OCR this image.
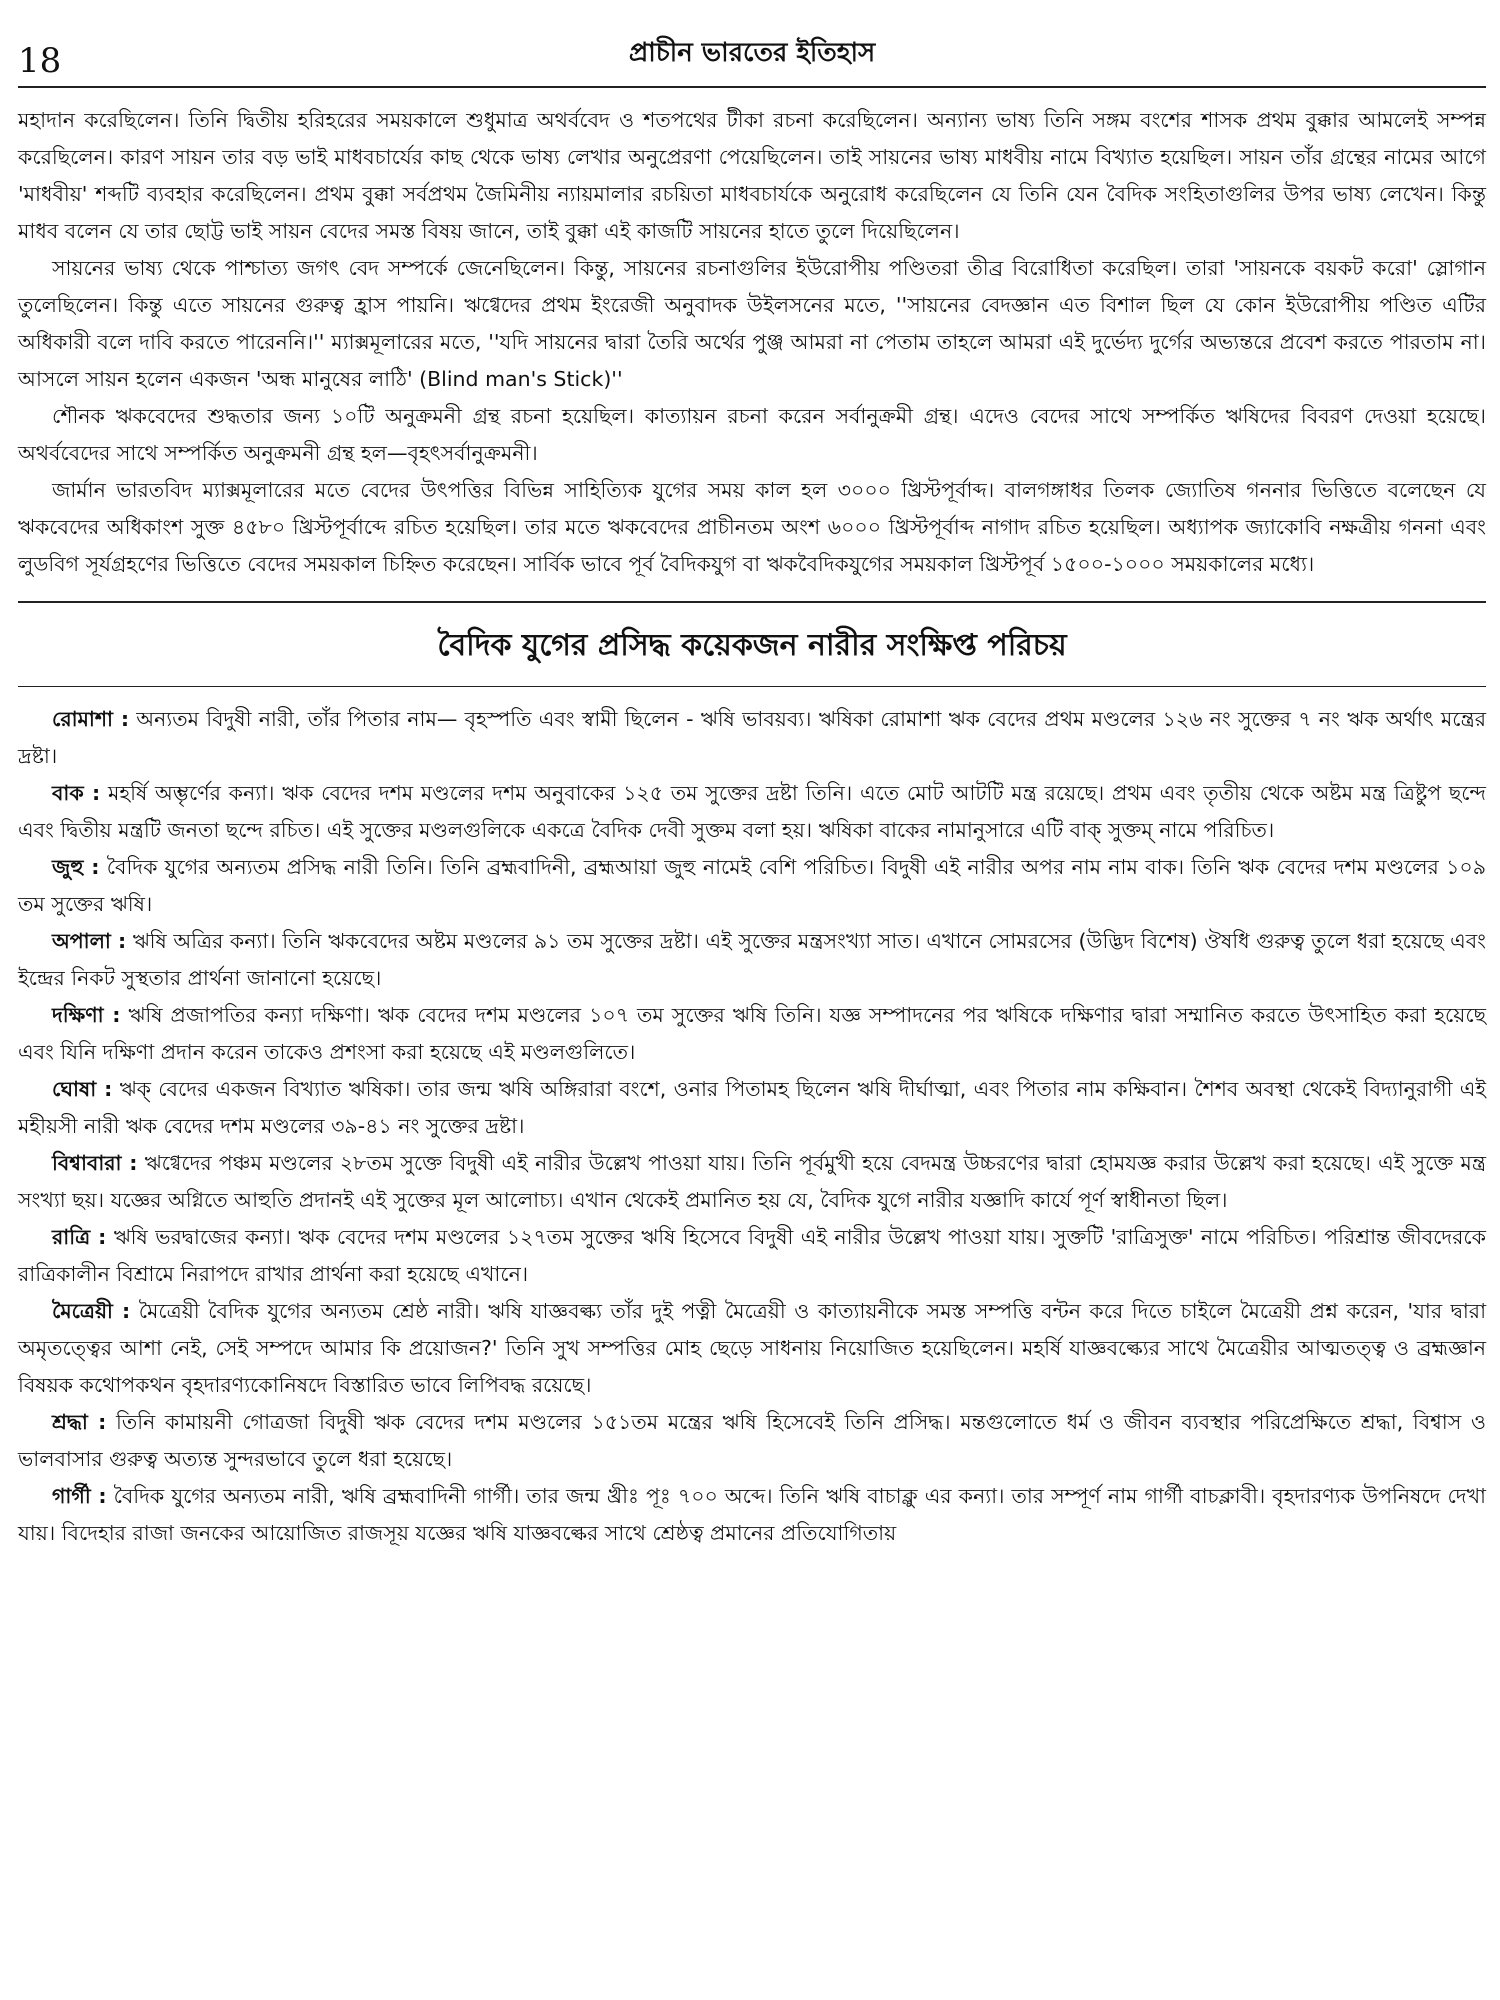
18	প্রাচীন ভারতের ইতিহাস

মহাদান করেছিলেন। তিনি দ্বিতীয় হরিহরের সময়কালে শুধুমাত্র অথর্ববেদ ও শতপথের টীকা রচনা করেছিলেন। অন্যান্য ভাষ্য তিনি সঙ্গম বংশের শাসক প্রথম বুক্কার আমলেই সম্পন্ন করেছিলেন। কারণ সায়ন তার বড় ভাই মাধবচার্যের কাছ থেকে ভাষ্য লেখার অনুপ্রেরণা পেয়েছিলেন। তাই সায়নের ভাষ্য মাধবীয় নামে বিখ্যাত হয়েছিল। সায়ন তাঁর গ্রন্থের নামের আগে 'মাধবীয়' শব্দটি ব্যবহার করেছিলেন। প্রথম বুক্কা সর্বপ্রথম জৈমিনীয় ন্যায়মালার রচয়িতা মাধবচার্যকে অনুরোধ করেছিলেন যে তিনি যেন বৈদিক সংহিতাগুলির উপর ভাষ্য লেখেন। কিন্তু মাধব বলেন যে তার ছোট্ট ভাই সায়ন বেদের সমস্ত বিষয় জানে, তাই বুক্কা এই কাজটি সায়নের হাতে তুলে দিয়েছিলেন।

সায়নের ভাষ্য থেকে পাশ্চাত্য জগৎ বেদ সম্পর্কে জেনেছিলেন। কিন্তু, সায়নের রচনাগুলির ইউরোপীয় পণ্ডিতরা তীব্র বিরোধিতা করেছিল। তারা 'সায়নকে বয়কট করো' স্লোগান তুলেছিলেন। কিন্তু এতে সায়নের গুরুত্ব হ্রাস পায়নি। ঋগ্বেদের প্রথম ইংরেজী অনুবাদক উইলসনের মতে, ''সায়নের বেদজ্ঞান এত বিশাল ছিল যে কোন ইউরোপীয় পণ্ডিত এটির অধিকারী বলে দাবি করতে পারেননি।'' ম্যাক্সমূলারের মতে, ''যদি সায়নের দ্বারা তৈরি অর্থের পুঞ্জ আমরা না পেতাম তাহলে আমরা এই দুর্ভেদ্য দুর্গের অভ্যন্তরে প্রবেশ করতে পারতাম না। আসলে সায়ন হলেন একজন 'অন্ধ মানুষের লাঠি' (Blind man's Stick)''

শৌনক ঋকবেদের শুদ্ধতার জন্য ১০টি অনুক্রমনী গ্রন্থ রচনা হয়েছিল। কাত্যায়ন রচনা করেন সর্বানুক্রমী গ্রন্থ। এদেও বেদের সাথে সম্পর্কিত ঋষিদের বিবরণ দেওয়া হয়েছে। অথর্ববেদের সাথে সম্পর্কিত অনুক্রমনী গ্রন্থ হল—বৃহৎসর্বানুক্রমনী।

জার্মান ভারতবিদ ম্যাক্সমূলারের মতে বেদের উৎপত্তির বিভিন্ন সাহিত্যিক যুগের সময় কাল হল ৩০০০ খ্রিস্টপূর্বাব্দ। বালগঙ্গাধর তিলক জ্যোতিষ গননার ভিত্তিতে বলেছেন যে ঋকবেদের অধিকাংশ সুক্ত ৪৫৮০ খ্রিস্টপূর্বাব্দে রচিত হয়েছিল। তার মতে ঋকবেদের প্রাচীনতম অংশ ৬০০০ খ্রিস্টপূর্বাব্দ নাগাদ রচিত হয়েছিল। অধ্যাপক জ্যাকোবি নক্ষত্রীয় গননা এবং লুডবিগ সূর্যগ্রহণের ভিত্তিতে বেদের সময়কাল চিহ্নিত করেছেন। সার্বিক ভাবে পূর্ব বৈদিকযুগ বা ঋকবৈদিকযুগের সময়কাল খ্রিস্টপূর্ব ১৫০০-১০০০ সময়কালের মধ্যে।

বৈদিক যুগের প্রসিদ্ধ কয়েকজন নারীর সংক্ষিপ্ত পরিচয়

রোমাশা : অন্যতম বিদুষী নারী, তাঁর পিতার নাম— বৃহস্পতি এবং স্বামী ছিলেন - ঋষি ভাবয়ব্য। ঋষিকা রোমাশা ঋক বেদের প্রথম মণ্ডলের ১২৬ নং সুক্তের ৭ নং ঋক অর্থাৎ মন্ত্রের দ্রষ্টা।

বাক : মহর্ষি অম্ভৃর্ণের কন্যা। ঋক বেদের দশম মণ্ডলের দশম অনুবাকের ১২৫ তম সুক্তের দ্রষ্টা তিনি। এতে মোট আটটি মন্ত্র রয়েছে। প্রথম এবং তৃতীয় থেকে অষ্টম মন্ত্র ত্রিষ্টুপ ছন্দে এবং দ্বিতীয় মন্ত্রটি জনতা ছন্দে রচিত। এই সুক্তের মণ্ডলগুলিকে একত্রে বৈদিক দেবী সুক্তম বলা হয়। ঋষিকা বাকের নামানুসারে এটি বাক্ সুক্তম্ নামে পরিচিত।

জুহু : বৈদিক যুগের অন্যতম প্রসিদ্ধ নারী তিনি। তিনি ব্রহ্মবাদিনী, ব্রহ্মআয়া জুহু নামেই বেশি পরিচিত। বিদুষী এই নারীর অপর নাম নাম বাক। তিনি ঋক বেদের দশম মণ্ডলের ১০৯ তম সুক্তের ঋষি।

অপালা : ঋষি অত্রির কন্যা। তিনি ঋকবেদের অষ্টম মণ্ডলের ৯১ তম সুক্তের দ্রষ্টা। এই সুক্তের মন্ত্রসংখ্যা সাত। এখানে সোমরসের (উদ্ভিদ বিশেষ) ঔষধি গুরুত্ব তুলে ধরা হয়েছে এবং ইন্দ্রের নিকট সুস্থতার প্রার্থনা জানানো হয়েছে।

দক্ষিণা : ঋষি প্রজাপতির কন্যা দক্ষিণা। ঋক বেদের দশম মণ্ডলের ১০৭ তম সুক্তের ঋষি তিনি। যজ্ঞ সম্পাদনের পর ঋষিকে দক্ষিণার দ্বারা সম্মানিত করতে উৎসাহিত করা হয়েছে এবং যিনি দক্ষিণা প্রদান করেন তাকেও প্রশংসা করা হয়েছে এই মণ্ডলগুলিতে।

ঘোষা : ঋক্ বেদের একজন বিখ্যাত ঋষিকা। তার জন্ম ঋষি অঙ্গিরারা বংশে, ওনার পিতামহ ছিলেন ঋষি দীর্ঘাত্মা, এবং পিতার নাম কক্ষিবান। শৈশব অবস্থা থেকেই বিদ্যানুরাগী এই মহীয়সী নারী ঋক বেদের দশম মণ্ডলের ৩৯-৪১ নং সুক্তের দ্রষ্টা।

বিশ্বাবারা : ঋগ্বেদের পঞ্চম মণ্ডলের ২৮তম সুক্তে বিদুষী এই নারীর উল্লেখ পাওয়া যায়। তিনি পূর্বমুখী হয়ে বেদমন্ত্র উচ্চরণের দ্বারা হোমযজ্ঞ করার উল্লেখ করা হয়েছে। এই সুক্তে মন্ত্র সংখ্যা ছয়। যজ্ঞের অগ্নিতে আহুতি প্রদানই এই সুক্তের মূল আলোচ্য। এখান থেকেই প্রমানিত হয় যে, বৈদিক যুগে নারীর যজ্ঞাদি কার্যে পূর্ণ স্বাধীনতা ছিল।

রাত্রি : ঋষি ভরদ্বাজের কন্যা। ঋক বেদের দশম মণ্ডলের ১২৭তম সুক্তের ঋষি হিসেবে বিদুষী এই নারীর উল্লেখ পাওয়া যায়। সুক্তটি 'রাত্রিসুক্ত' নামে পরিচিত। পরিশ্রান্ত জীবদেরকে রাত্রিকালীন বিশ্রামে নিরাপদে রাখার প্রার্থনা করা হয়েছে এখানে।

মৈত্রেয়ী : মৈত্রেয়ী বৈদিক যুগের অন্যতম শ্রেষ্ঠ নারী। ঋষি যাজ্ঞবল্ক্য তাঁর দুই পত্নী মৈত্রেয়ী ও কাত্যায়নীকে সমস্ত সম্পত্তি বন্টন করে দিতে চাইলে মৈত্রেয়ী প্রশ্ন করেন, 'যার দ্বারা অমৃতত্ত্বের আশা নেই, সেই সম্পদে আমার কি প্রয়োজন?' তিনি সুখ সম্পত্তির মোহ ছেড়ে সাধনায় নিয়োজিত হয়েছিলেন। মহর্ষি যাজ্ঞবল্ক্যের সাথে মৈত্রেয়ীর আত্মতত্ত্ব ও ব্রহ্মজ্ঞান বিষয়ক কথোপকথন বৃহদারণ্যকোনিষদে বিস্তারিত ভাবে লিপিবদ্ধ রয়েছে।

শ্রদ্ধা : তিনি কামায়নী গোত্রজা বিদুষী ঋক বেদের দশম মণ্ডলের ১৫১তম মন্ত্রের ঋষি হিসেবেই তিনি প্রসিদ্ধ। মন্তগুলোতে ধর্ম ও জীবন ব্যবস্থার পরিপ্রেক্ষিতে শ্রদ্ধা, বিশ্বাস ও ভালবাসার গুরুত্ব অত্যন্ত সুন্দরভাবে তুলে ধরা হয়েছে।

গার্গী : বৈদিক যুগের অন্যতম নারী, ঋষি ব্রহ্মবাদিনী গার্গী। তার জন্ম খ্রীঃ পূঃ ৭০০ অব্দে। তিনি ঋষি বাচাক্লু এর কন্যা। তার সম্পূর্ণ নাম গার্গী বাচক্লাবী। বৃহদারণ্যক উপনিষদে দেখা যায়। বিদেহার রাজা জনকের আয়োজিত রাজসূয় যজ্ঞের ঋষি যাজ্ঞবল্কের সাথে শ্রেষ্ঠত্ব প্রমানের প্রতিযোগিতায়
